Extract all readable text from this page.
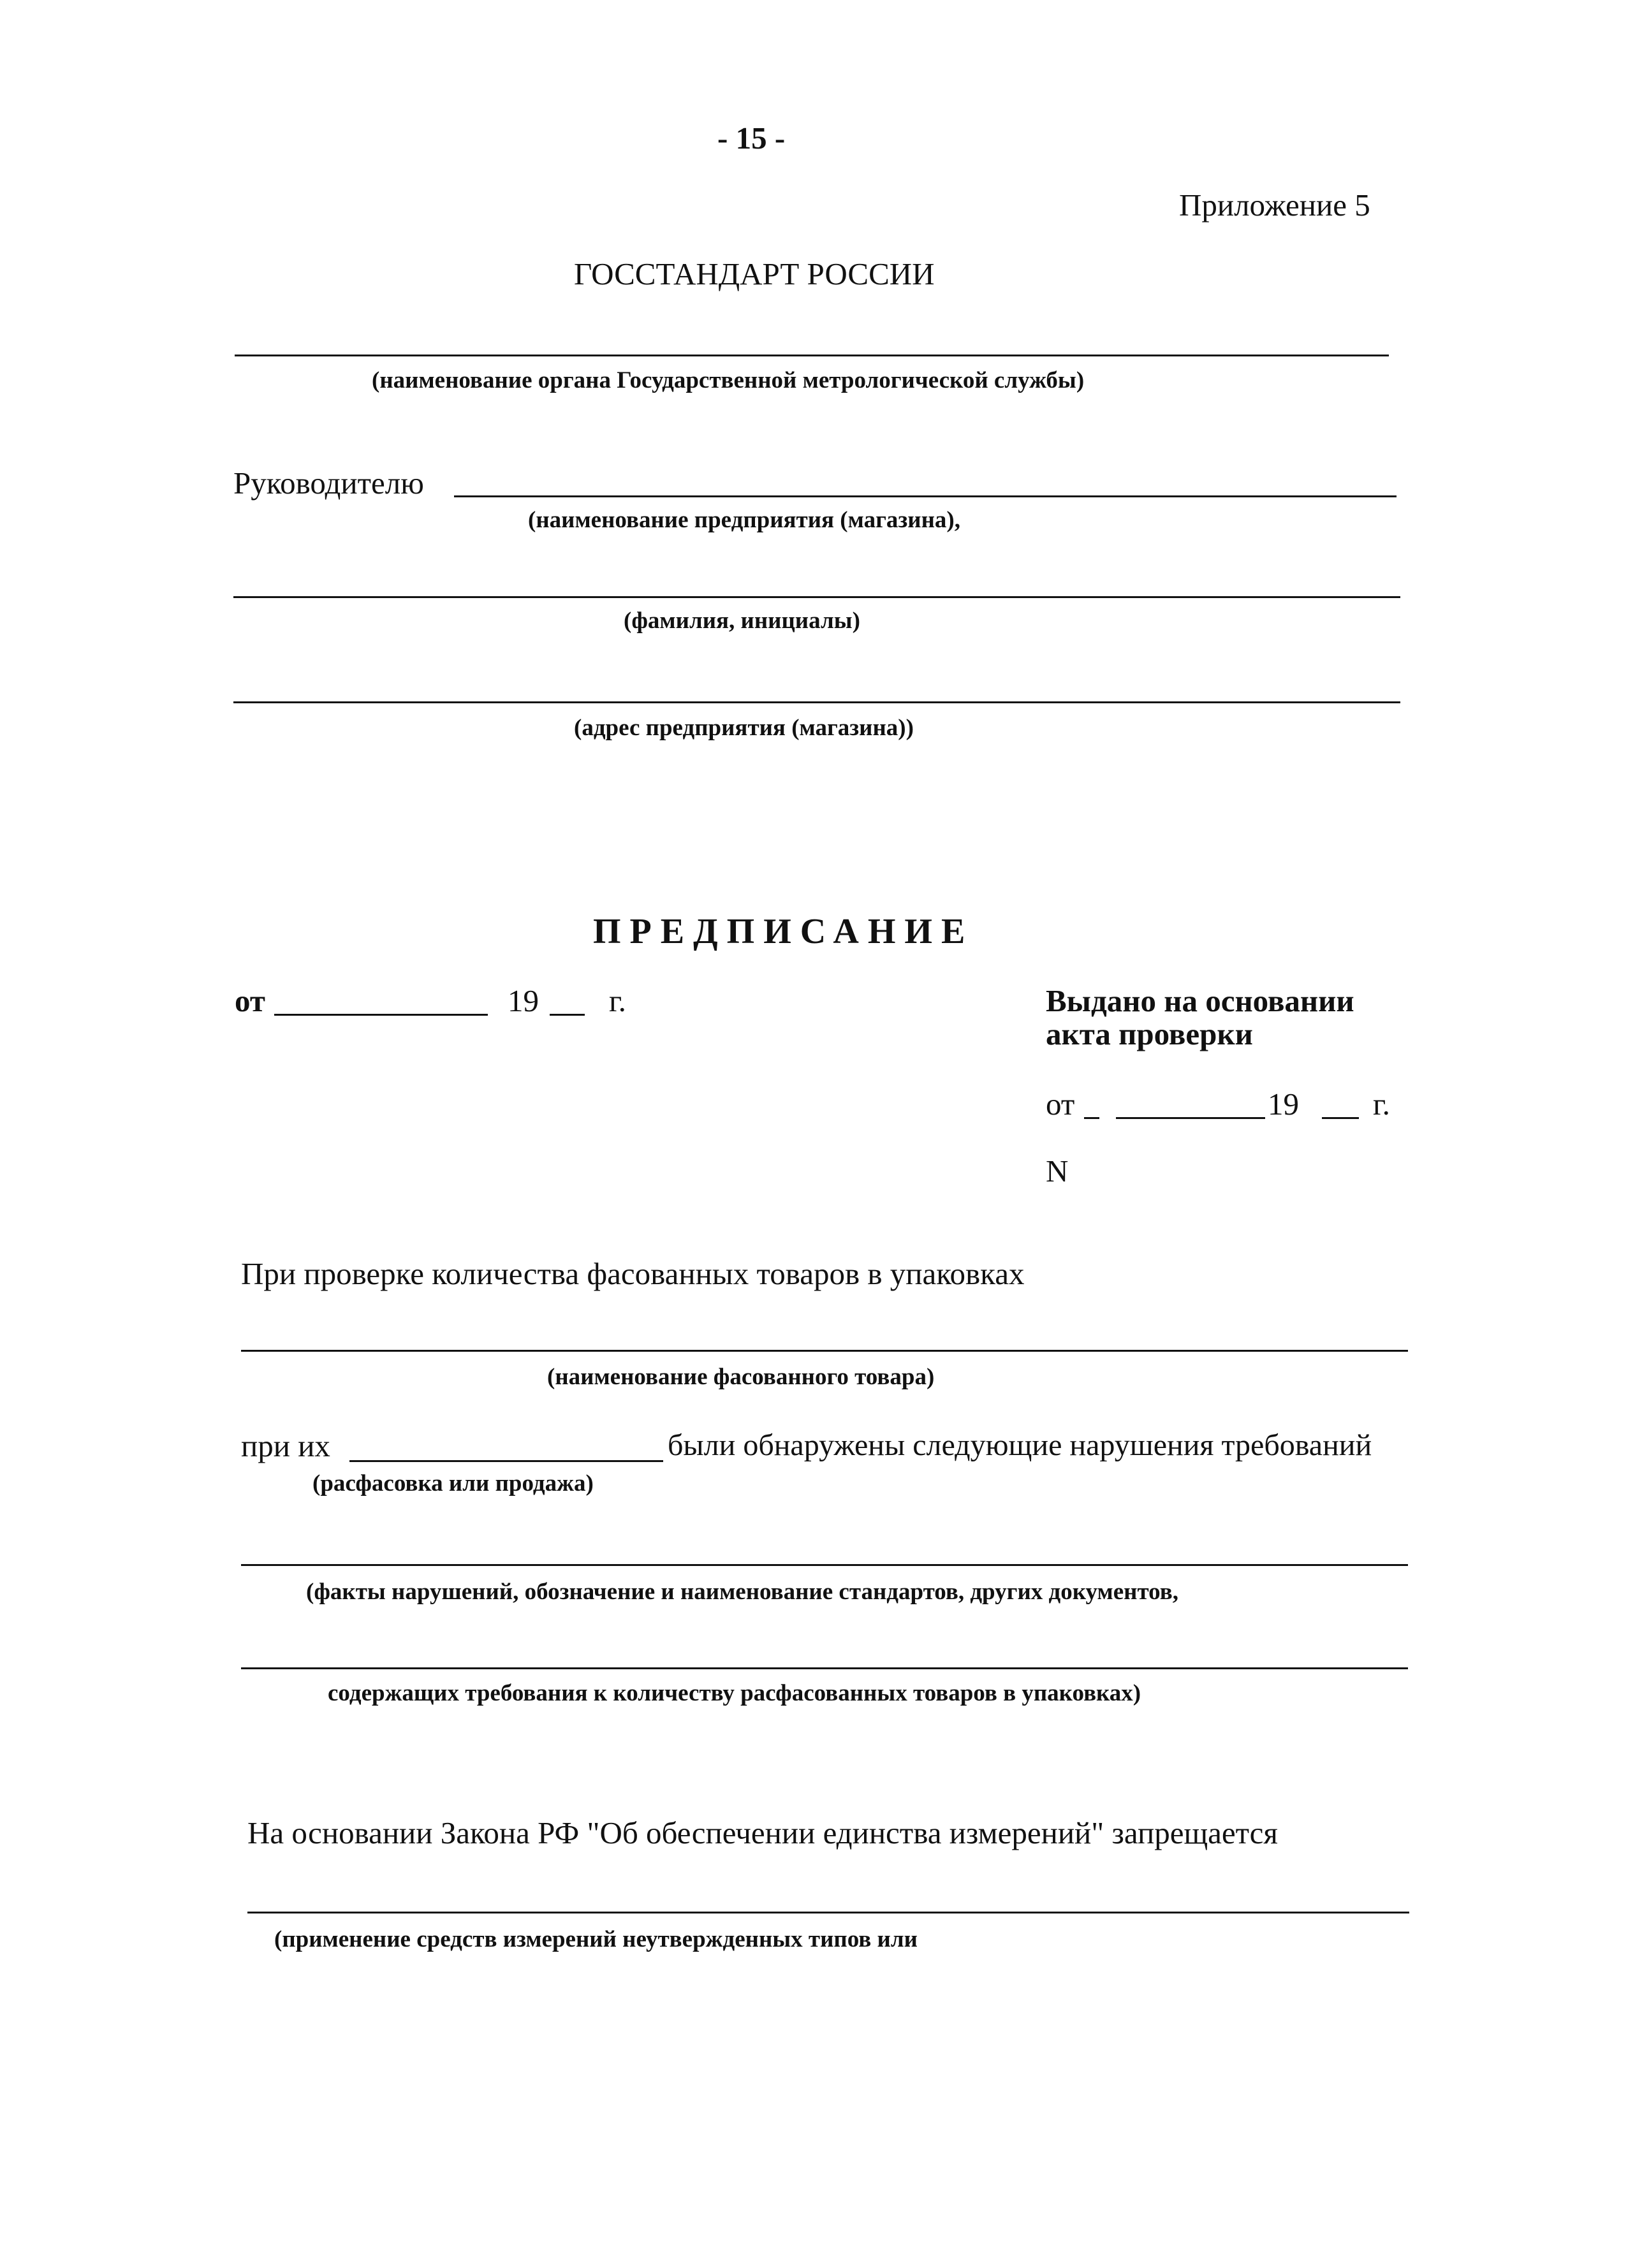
- 15 -
Приложение 5
ГОССТАНДАРТ РОССИИ
(наименование органа Государственной метрологической службы)
Руководителю
(наименование предприятия (магазина),
(фамилия, инициалы)
(адрес предприятия (магазина))
ПРЕДПИСАНИЕ
от	19 г.	Выдано на основании
акта проверки
от	19 г.
N
При проверке количества фасованных товаров в упаковках
(наименование фасованного товара)
при их	были обнаружены следующие нарушения требований
(расфасовка или продажа)
(факты нарушений, обозначение и наименование стандартов, других документов,
содержащих требования к количеству расфасованных товаров в упаковках)
На основании Закона РФ "Об обеспечении единства измерений" запрещается
(применение средств измерений неутвержденных типов или
